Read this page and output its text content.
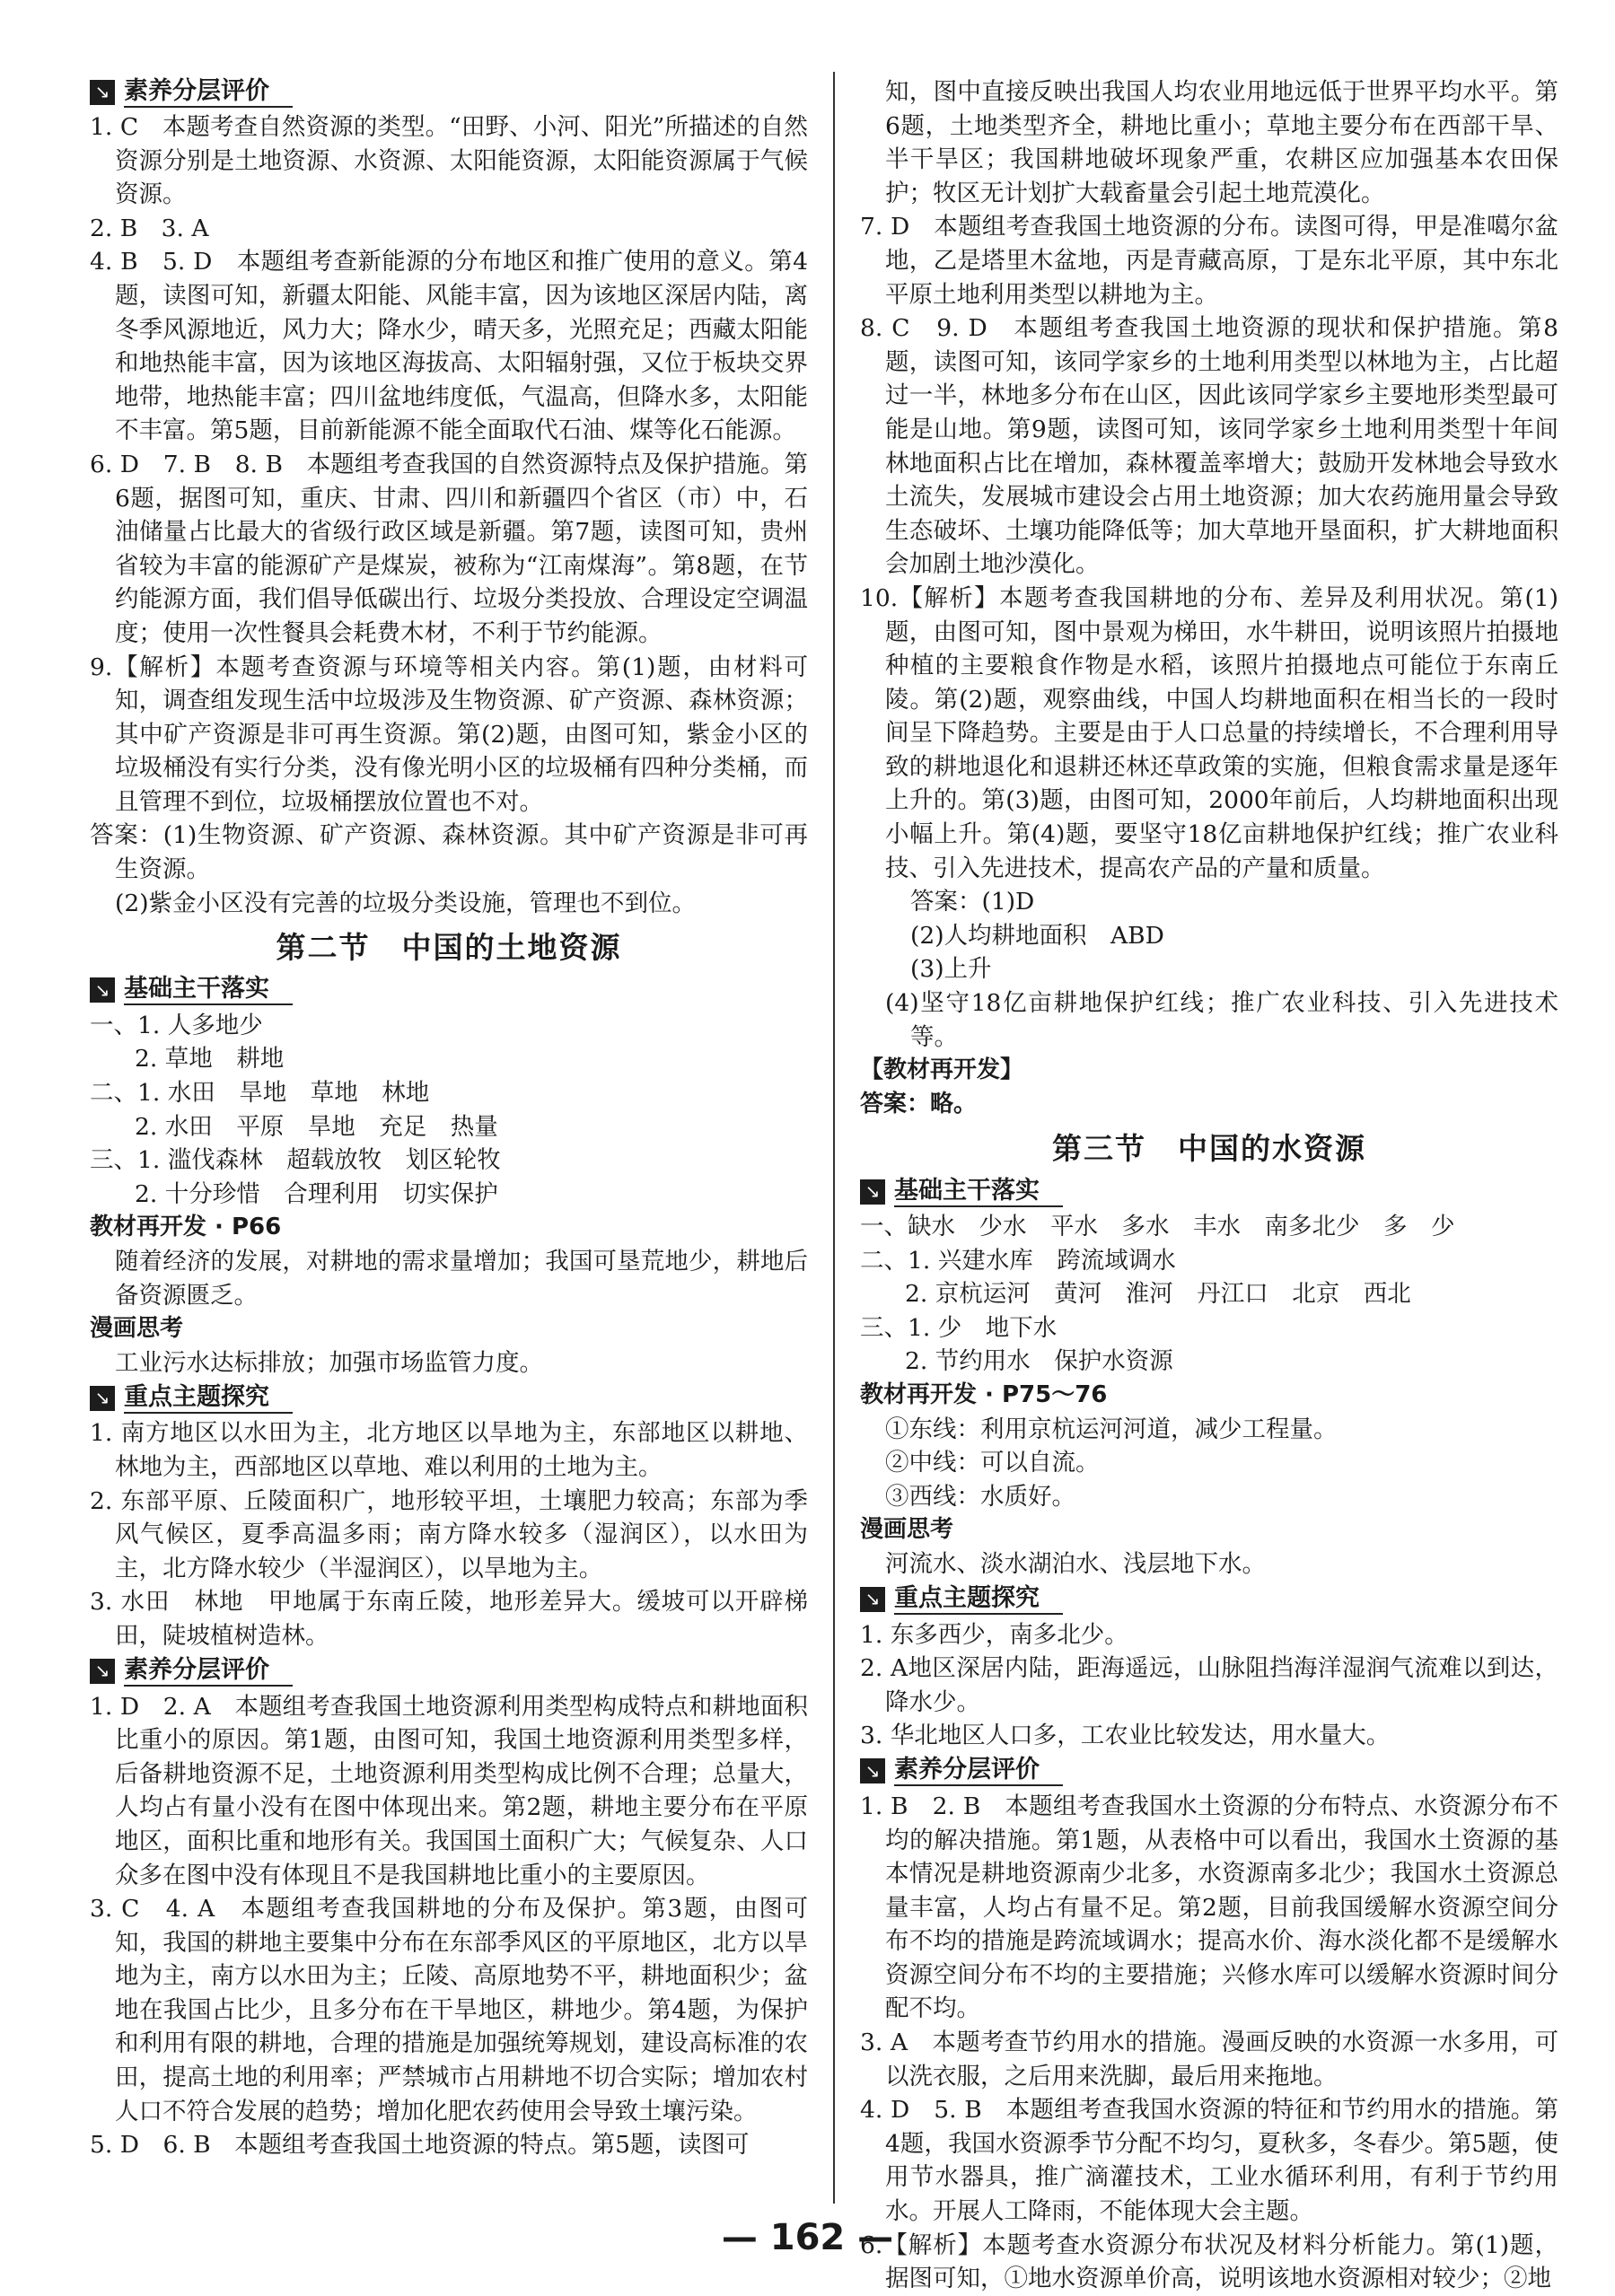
↘ 素养分层评价

1. C　本题考查自然资源的类型。“田野、小河、阳光”所描述的自然资源分别是土地资源、水资源、太阳能资源，太阳能资源属于气候资源。

2. B　3. A

4. B　5. D　本题组考查新能源的分布地区和推广使用的意义。第4题，读图可知，新疆太阳能、风能丰富，因为该地区深居内陆，离冬季风源地近，风力大；降水少，晴天多，光照充足；西藏太阳能和地热能丰富，因为该地区海拔高、太阳辐射强，又位于板块交界地带，地热能丰富；四川盆地纬度低，气温高，但降水多，太阳能不丰富。第5题，目前新能源不能全面取代石油、煤等化石能源。

6. D　7. B　8. B　本题组考查我国的自然资源特点及保护措施。第6题，据图可知，重庆、甘肃、四川和新疆四个省区（市）中，石油储量占比最大的省级行政区域是新疆。第7题，读图可知，贵州省较为丰富的能源矿产是煤炭，被称为“江南煤海”。第8题，在节约能源方面，我们倡导低碳出行、垃圾分类投放、合理设定空调温度；使用一次性餐具会耗费木材，不利于节约能源。

9.【解析】本题考查资源与环境等相关内容。第(1)题，由材料可知，调查组发现生活中垃圾涉及生物资源、矿产资源、森林资源；其中矿产资源是非可再生资源。第(2)题，由图可知，紫金小区的垃圾桶没有实行分类，没有像光明小区的垃圾桶有四种分类桶，而且管理不到位，垃圾桶摆放位置也不对。

答案：(1)生物资源、矿产资源、森林资源。其中矿产资源是非可再生资源。

(2)紫金小区没有完善的垃圾分类设施，管理也不到位。

第二节　中国的土地资源
↘ 基础主干落实

一、1. 人多地少

2. 草地　耕地

二、1. 水田　旱地　草地　林地

2. 水田　平原　旱地　充足　热量

三、1. 滥伐森林　超载放牧　划区轮牧

2. 十分珍惜　合理利用　切实保护

教材再开发 · P66

随着经济的发展，对耕地的需求量增加；我国可垦荒地少，耕地后备资源匮乏。

漫画思考

工业污水达标排放；加强市场监管力度。

↘ 重点主题探究

1. 南方地区以水田为主，北方地区以旱地为主，东部地区以耕地、林地为主，西部地区以草地、难以利用的土地为主。

2. 东部平原、丘陵面积广，地形较平坦，土壤肥力较高；东部为季风气候区，夏季高温多雨；南方降水较多（湿润区），以水田为主，北方降水较少（半湿润区），以旱地为主。

3. 水田　林地　甲地属于东南丘陵，地形差异大。缓坡可以开辟梯田，陡坡植树造林。

↘ 素养分层评价

1. D　2. A　本题组考查我国土地资源利用类型构成特点和耕地面积比重小的原因。第1题，由图可知，我国土地资源利用类型多样，后备耕地资源不足，土地资源利用类型构成比例不合理；总量大，人均占有量小没有在图中体现出来。第2题，耕地主要分布在平原地区，面积比重和地形有关。我国国土面积广大；气候复杂、人口众多在图中没有体现且不是我国耕地比重小的主要原因。

3. C　4. A　本题组考查我国耕地的分布及保护。第3题，由图可知，我国的耕地主要集中分布在东部季风区的平原地区，北方以旱地为主，南方以水田为主；丘陵、高原地势不平，耕地面积少；盆地在我国占比少，且多分布在干旱地区，耕地少。第4题，为保护和利用有限的耕地，合理的措施是加强统筹规划，建设高标准的农田，提高土地的利用率；严禁城市占用耕地不切合实际；增加农村人口不符合发展的趋势；增加化肥农药使用会导致土壤污染。

5. D　6. B　本题组考查我国土地资源的特点。第5题，读图可

知，图中直接反映出我国人均农业用地远低于世界平均水平。第6题，土地类型齐全，耕地比重小；草地主要分布在西部干旱、半干旱区；我国耕地破坏现象严重，农耕区应加强基本农田保护；牧区无计划扩大载畜量会引起土地荒漠化。

7. D　本题组考查我国土地资源的分布。读图可得，甲是准噶尔盆地，乙是塔里木盆地，丙是青藏高原，丁是东北平原，其中东北平原土地利用类型以耕地为主。

8. C　9. D　本题组考查我国土地资源的现状和保护措施。第8题，读图可知，该同学家乡的土地利用类型以林地为主，占比超过一半，林地多分布在山区，因此该同学家乡主要地形类型最可能是山地。第9题，读图可知，该同学家乡土地利用类型十年间林地面积占比在增加，森林覆盖率增大；鼓励开发林地会导致水土流失，发展城市建设会占用土地资源；加大农药施用量会导致生态破坏、土壤功能降低等；加大草地开垦面积，扩大耕地面积会加剧土地沙漠化。

10.【解析】本题考查我国耕地的分布、差异及利用状况。第(1)题，由图可知，图中景观为梯田，水牛耕田，说明该照片拍摄地种植的主要粮食作物是水稻，该照片拍摄地点可能位于东南丘陵。第(2)题，观察曲线，中国人均耕地面积在相当长的一段时间呈下降趋势。主要是由于人口总量的持续增长，不合理利用导致的耕地退化和退耕还林还草政策的实施，但粮食需求量是逐年上升的。第(3)题，由图可知，2000年前后，人均耕地面积出现小幅上升。第(4)题，要坚守18亿亩耕地保护红线；推广农业科技、引入先进技术，提高农产品的产量和质量。

答案：(1)D

(2)人均耕地面积　ABD

(3)上升

(4)坚守18亿亩耕地保护红线；推广农业科技、引入先进技术等。

【教材再开发】
答案：略。
第三节　中国的水资源
↘ 基础主干落实

一、缺水　少水　平水　多水　丰水　南多北少　多　少

二、1. 兴建水库　跨流域调水

2. 京杭运河　黄河　淮河　丹江口　北京　西北

三、1. 少　地下水

2. 节约用水　保护水资源

教材再开发 · P75～76

①东线：利用京杭运河河道，减少工程量。

②中线：可以自流。

③西线：水质好。

漫画思考

河流水、淡水湖泊水、浅层地下水。

↘ 重点主题探究

1. 东多西少，南多北少。

2. A地区深居内陆，距海遥远，山脉阻挡海洋湿润气流难以到达，降水少。

3. 华北地区人口多，工农业比较发达，用水量大。

↘ 素养分层评价

1. B　2. B　本题组考查我国水土资源的分布特点、水资源分布不均的解决措施。第1题，从表格中可以看出，我国水土资源的基本情况是耕地资源南少北多，水资源南多北少；我国水土资源总量丰富，人均占有量不足。第2题，目前我国缓解水资源空间分布不均的措施是跨流域调水；提高水价、海水淡化都不是缓解水资源空间分布不均的主要措施；兴修水库可以缓解水资源时间分配不均。

3. A　本题考查节约用水的措施。漫画反映的水资源一水多用，可以洗衣服，之后用来洗脚，最后用来拖地。

4. D　5. B　本题组考查我国水资源的特征和节约用水的措施。第4题，我国水资源季节分配不均匀，夏秋多，冬春少。第5题，使用节水器具，推广滴灌技术，工业水循环利用，有利于节约用水。开展人工降雨，不能体现大会主题。

6.【解析】本题考查水资源分布状况及材料分析能力。第(1)题，据图可知，①地水资源单价高，说明该地水资源相对较少；②地

— 162 —
